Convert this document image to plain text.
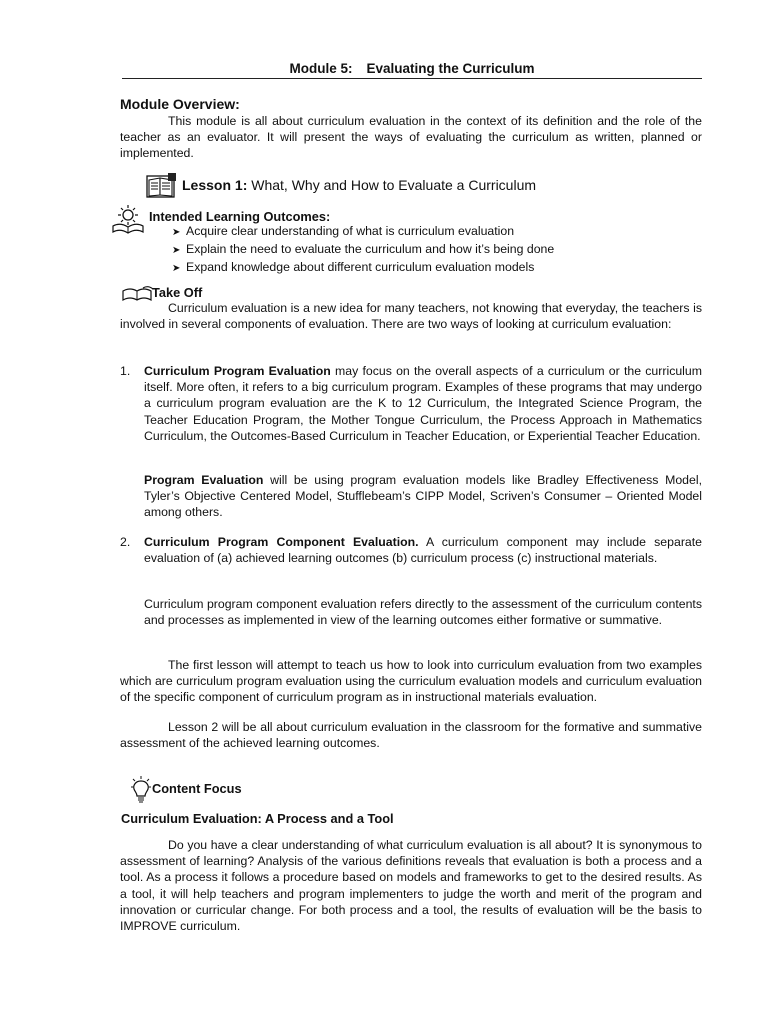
Module 5: Evaluating the Curriculum
Module Overview:
This module is all about curriculum evaluation in the context of its definition and the role of the teacher as an evaluator. It will present the ways of evaluating the curriculum as written, planned or implemented.
Lesson 1: What, Why and How to Evaluate a Curriculum
Intended Learning Outcomes:
➤ Acquire clear understanding of what is curriculum evaluation
➤ Explain the need to evaluate the curriculum and how it’s being done
➤ Expand knowledge about different curriculum evaluation models
Take Off
Curriculum evaluation is a new idea for many teachers, not knowing that everyday, the teachers is involved in several components of evaluation. There are two ways of looking at curriculum evaluation:
1. Curriculum Program Evaluation may focus on the overall aspects of a curriculum or the curriculum itself. More often, it refers to a big curriculum program. Examples of these programs that may undergo a curriculum program evaluation are the K to 12 Curriculum, the Integrated Science Program, the Teacher Education Program, the Mother Tongue Curriculum, the Process Approach in Mathematics Curriculum, the Outcomes-Based Curriculum in Teacher Education, or Experiential Teacher Education.
Program Evaluation will be using program evaluation models like Bradley Effectiveness Model, Tyler’s Objective Centered Model, Stufflebeam’s CIPP Model, Scriven’s Consumer – Oriented Model among others.
2. Curriculum Program Component Evaluation. A curriculum component may include separate evaluation of (a) achieved learning outcomes (b) curriculum process (c) instructional materials.
Curriculum program component evaluation refers directly to the assessment of the curriculum contents and processes as implemented in view of the learning outcomes either formative or summative.
The first lesson will attempt to teach us how to look into curriculum evaluation from two examples which are curriculum program evaluation using the curriculum evaluation models and curriculum evaluation of the specific component of curriculum program as in instructional materials evaluation.
Lesson 2 will be all about curriculum evaluation in the classroom for the formative and summative assessment of the achieved learning outcomes.
Content Focus
Curriculum Evaluation: A Process and a Tool
Do you have a clear understanding of what curriculum evaluation is all about? It is synonymous to assessment of learning? Analysis of the various definitions reveals that evaluation is both a process and a tool. As a process it follows a procedure based on models and frameworks to get to the desired results. As a tool, it will help teachers and program implementers to judge the worth and merit of the program and innovation or curricular change. For both process and a tool, the results of evaluation will be the basis to IMPROVE curriculum.
